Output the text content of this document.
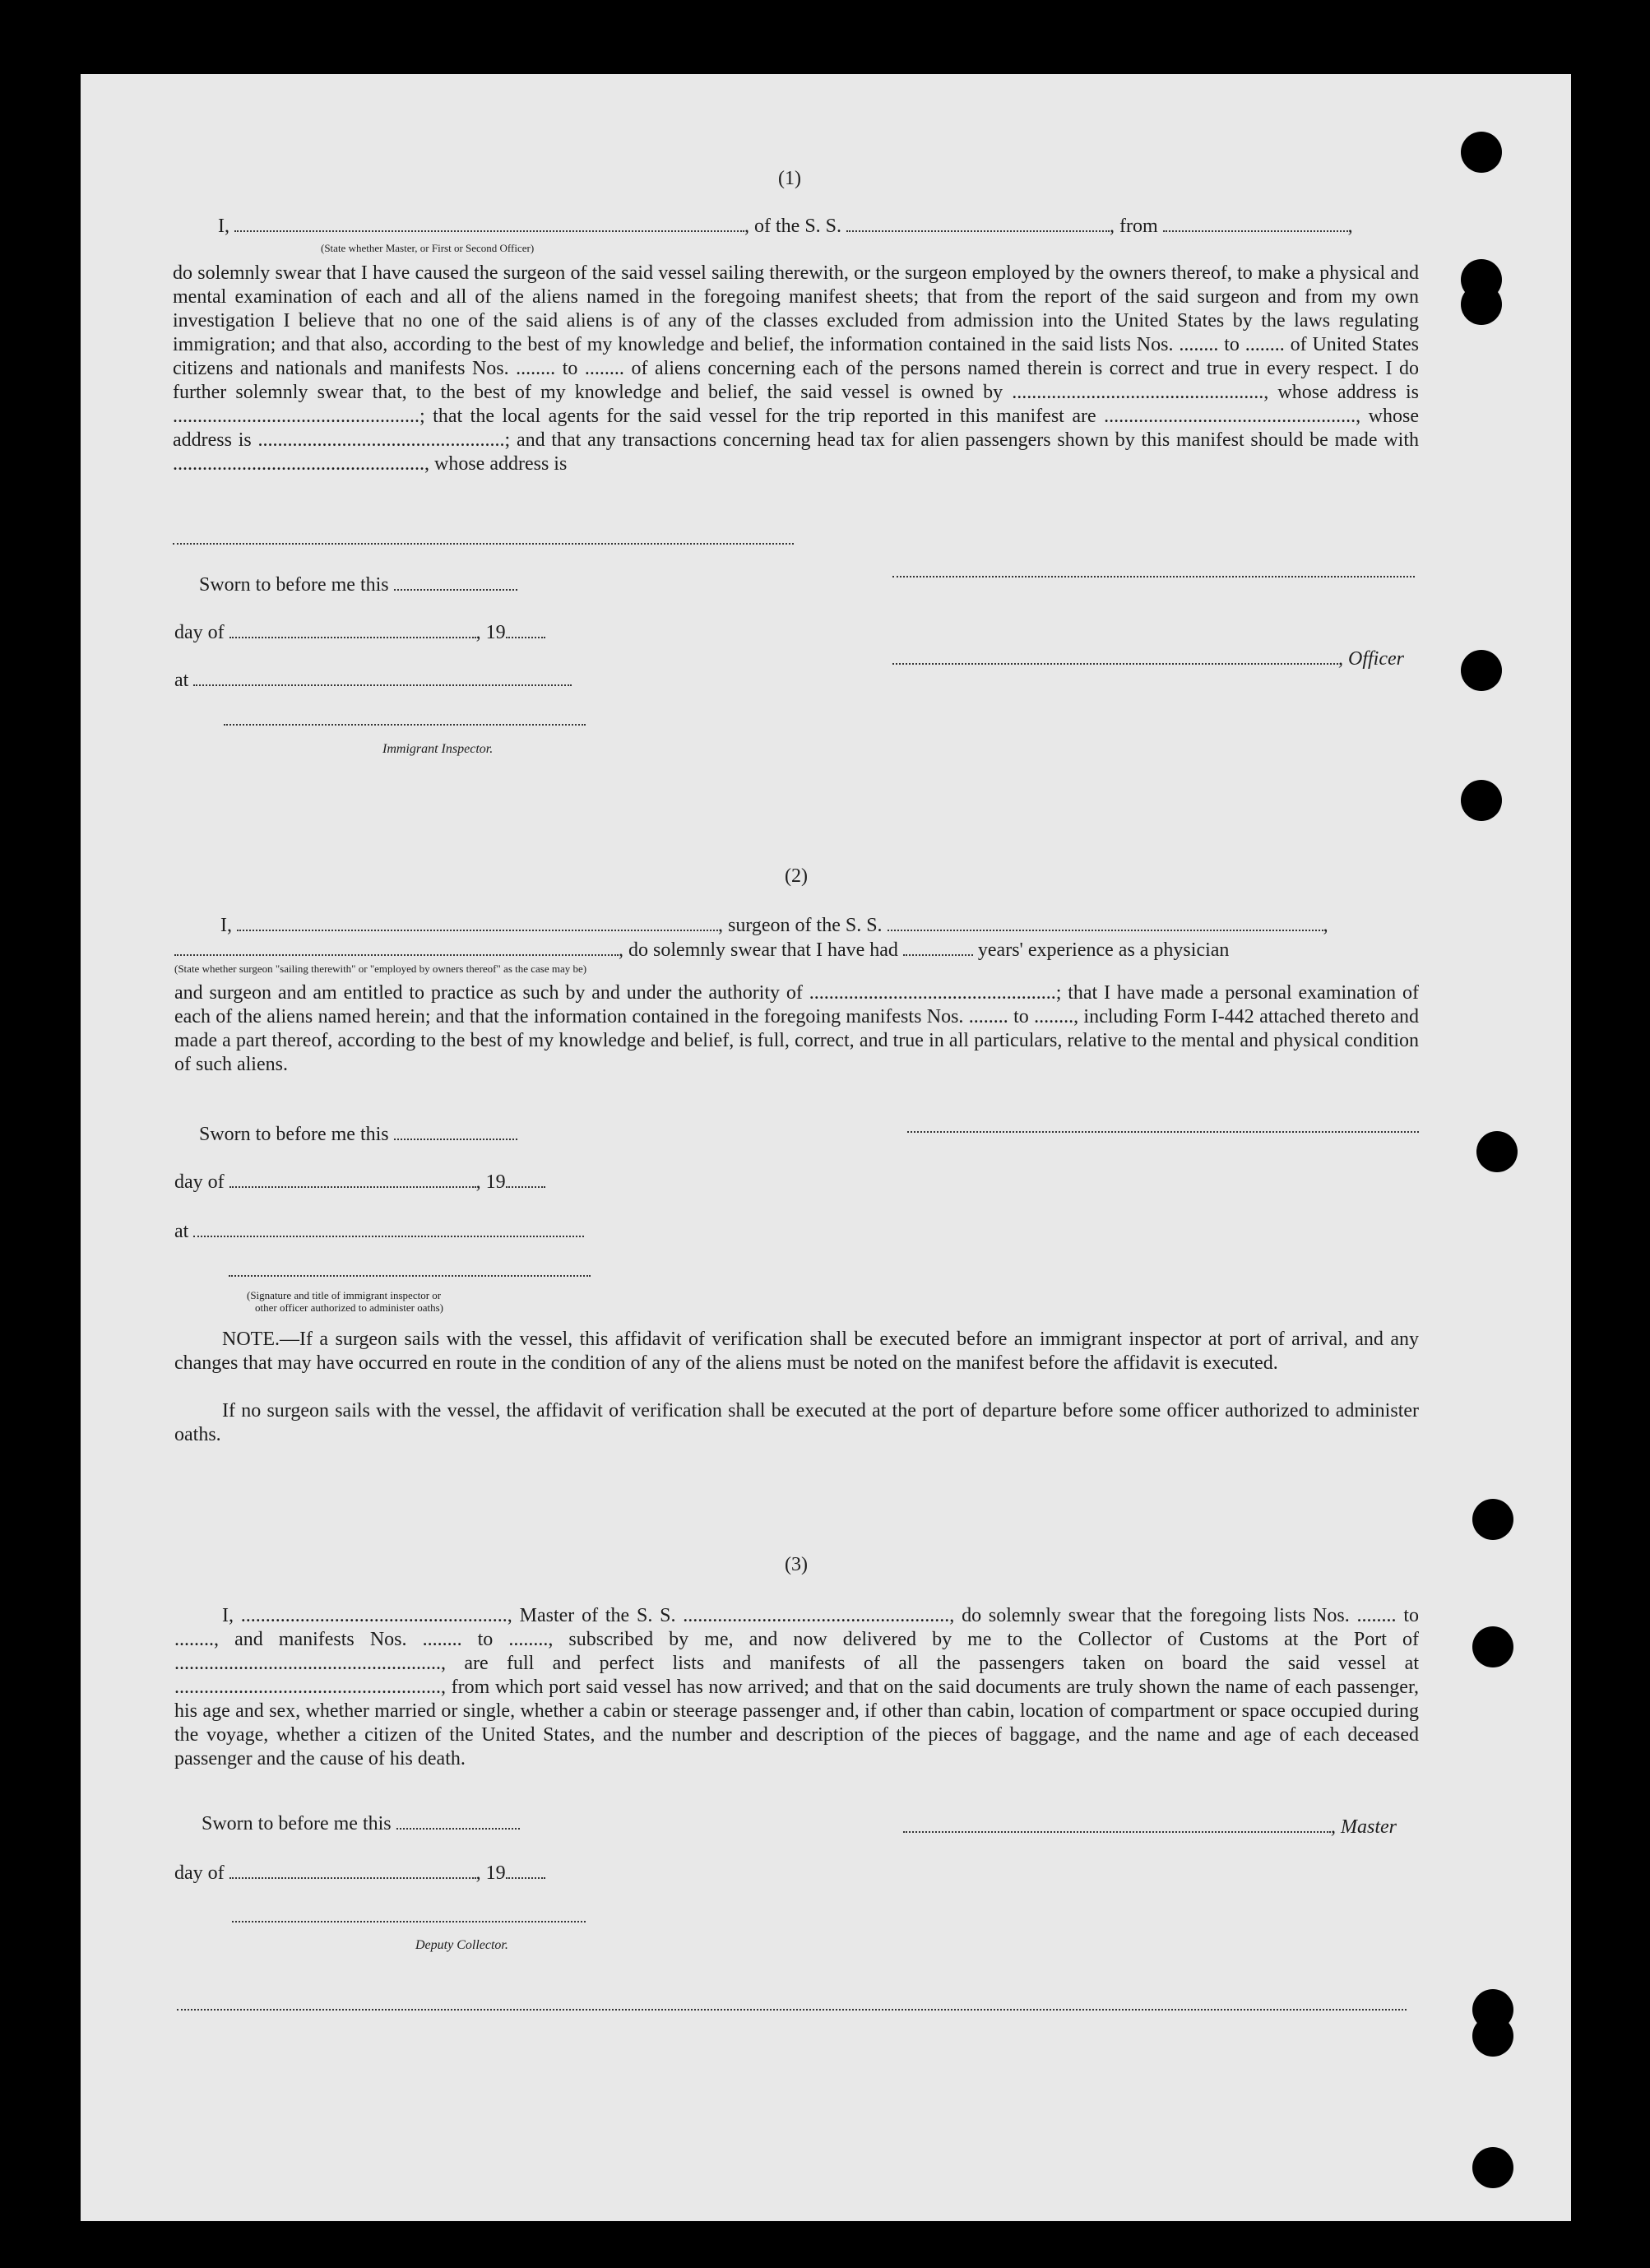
(1)
I,	, of the S. S.	, from	,
(State whether Master, or First or Second Officer)
do solemnly swear that I have caused the surgeon of the said vessel sailing therewith, or the surgeon employed by the owners thereof, to make a physical and mental examination of each and all of the aliens named in the foregoing manifest sheets; that from the report of the said surgeon and from my own investigation I believe that no one of the said aliens is of any of the classes excluded from admission into the United States by the laws regulating immigration; and that also, according to the best of my knowledge and belief, the information contained in the said lists Nos. ........ to ........ of United States citizens and nationals and manifests Nos. ........ to ........ of aliens concerning each of the persons named therein is correct and true in every respect. I do further solemnly swear that, to the best of my knowledge and belief, the said vessel is owned by ..................................................., whose address is ..................................................; that the local agents for the said vessel for the trip reported in this manifest are ..................................................., whose address is ..................................................; and that any transactions concerning head tax for alien passengers shown by this manifest should be made with ..................................................., whose address is
Sworn to before me this
day of	, 19
at
Immigrant Inspector.
, Officer
(2)
I,	, surgeon of the S. S.	,
, do solemnly swear that I have had	years' experience as a physician
(State whether surgeon "sailing therewith" or "employed by owners thereof" as the case may be)
and surgeon and am entitled to practice as such by and under the authority of ..................................................; that I have made a personal examination of each of the aliens named herein; and that the information contained in the foregoing manifests Nos. ........ to ........, including Form I-442 attached thereto and made a part thereof, according to the best of my knowledge and belief, is full, correct, and true in all particulars, relative to the mental and physical condition of such aliens.
Sworn to before me this
day of	, 19
at
(Signature and title of immigrant inspector or
other officer authorized to administer oaths)
NOTE.—If a surgeon sails with the vessel, this affidavit of verification shall be executed before an immigrant inspector at port of arrival, and any changes that may have occurred en route in the condition of any of the aliens must be noted on the manifest before the affidavit is executed.
If no surgeon sails with the vessel, the affidavit of verification shall be executed at the port of departure before some officer authorized to administer oaths.
(3)
I, ......................................................, Master of the S. S. ......................................................, do solemnly swear that the foregoing lists Nos. ........ to ........, and manifests Nos. ........ to ........, subscribed by me, and now delivered by me to the Collector of Customs at the Port of ......................................................, are full and perfect lists and manifests of all the passengers taken on board the said vessel at ......................................................, from which port said vessel has now arrived; and that on the said documents are truly shown the name of each passenger, his age and sex, whether married or single, whether a cabin or steerage passenger and, if other than cabin, location of compartment or space occupied during the voyage, whether a citizen of the United States, and the number and description of the pieces of baggage, and the name and age of each deceased passenger and the cause of his death.
Sworn to before me this	, Master
day of	, 19
Deputy Collector.
